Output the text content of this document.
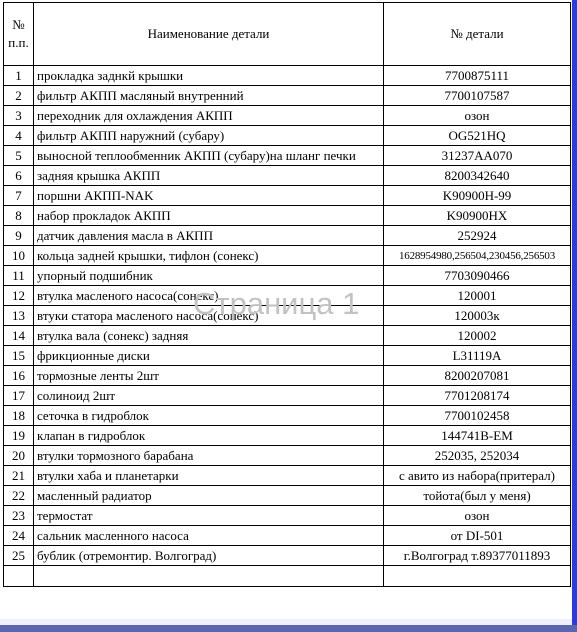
№
п.п.	Наименование детали	№ детали
1	прокладка заднкй крышки	7700875111
2	фильтр АКПП масляный внутренний	7700107587
3	переходник для охлаждения АКПП	озон
4	фильтр АКПП наружний (субару)	OG521HQ
5	выносной теплообменник АКПП (субару)на шланг печки	31237AA070
6	задняя крышка АКПП	8200342640
7	поршни АКПП-NAK	K90900H-99
8	набор прокладок АКПП	K90900HX
9	датчик давления масла в АКПП	252924
10	кольца задней крышки, тифлон (сонекс)	1628954980,256504,230456,256503
11	упорный подшибник	7703090466
12	втулка масленого насоса(сонекс)	120001
13	втуки статора масленого насоса(сонекс)	120003к
14	втулка вала (сонекс) задняя	120002
15	фрикционные диски	L31119A
16	тормозные ленты 2шт	8200207081
17	солиноид 2шт	7701208174
18	сеточка в гидроблок	7700102458
19	клапан в гидроблок	144741B-EM
20	втулки тормозного барабана	252035, 252034
21	втулки хаба и планетарки	с авито из набора(притерал)
22	масленный радиатор	тойота(был у меня)
23	термостат	озон
24	сальник масленного насоса	от DI-501
25	бублик (отремонтир. Волгоград)	г.Волгоград т.89377011893

Страница 1
